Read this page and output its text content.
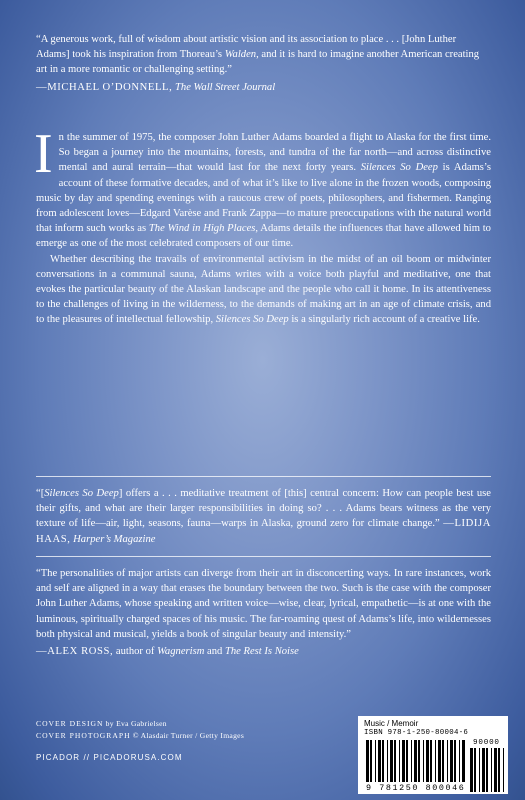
“A generous work, full of wisdom about artistic vision and its association to place . . . [John Luther Adams] took his inspiration from Thoreau’s Walden, and it is hard to imagine another American creating art in a more romantic or challenging setting.”
—MICHAEL O’DONNELL, The Wall Street Journal

In the summer of 1975, the composer John Luther Adams boarded a flight to Alaska for the first time. So began a journey into the mountains, forests, and tundra of the far north—and across distinctive mental and aural terrain—that would last for the next forty years. Silences So Deep is Adams’s account of these formative decades, and of what it’s like to live alone in the frozen woods, composing music by day and spending evenings with a raucous crew of poets, philosophers, and fishermen. Ranging from adolescent loves—Edgard Varèse and Frank Zappa—to mature preoccupations with the natural world that inform such works as The Wind in High Places, Adams details the influences that have allowed him to emerge as one of the most celebrated composers of our time.

Whether describing the travails of environmental activism in the midst of an oil boom or midwinter conversations in a communal sauna, Adams writes with a voice both playful and meditative, one that evokes the particular beauty of the Alaskan landscape and the people who call it home. In its attentiveness to the challenges of living in the wilderness, to the demands of making art in an age of climate crisis, and to the pleasures of intellectual fellowship, Silences So Deep is a singularly rich account of a creative life.

“[Silences So Deep] offers a . . . meditative treatment of [this] central concern: How can people best use their gifts, and what are their larger responsibilities in doing so? . . . Adams bears witness as the very texture of life—air, light, seasons, fauna—warps in Alaska, ground zero for climate change.” —LIDIJA HAAS, Harper’s Magazine
“The personalities of major artists can diverge from their art in disconcerting ways. In rare instances, work and self are aligned in a way that erases the boundary between the two. Such is the case with the composer John Luther Adams, whose speaking and written voice—wise, clear, lyrical, empathetic—is at one with the luminous, spiritually charged spaces of his music. The far-roaming quest of Adams’s life, into wildernesses both physical and musical, yields a book of singular beauty and intensity.”
—ALEX ROSS, author of Wagnerism and The Rest Is Noise
COVER DESIGN by Eva Gabrielsen
COVER PHOTOGRAPH © Alasdair Turner / Getty Images
PICADOR // PICADORUSA.COM
Music / Memoir
ISBN 978-1-250-80004-6
90000
9 781250 800046
